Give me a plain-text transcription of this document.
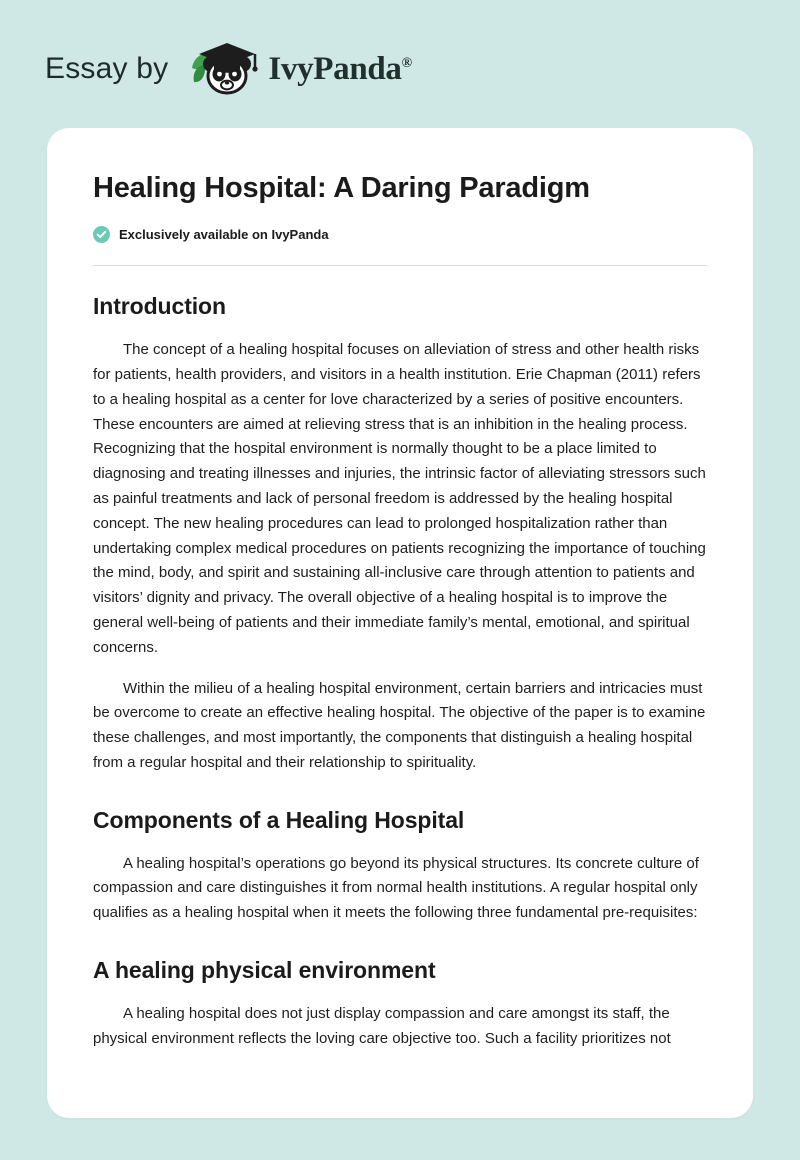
Essay by	IvyPanda®
Healing Hospital: A Daring Paradigm
Exclusively available on IvyPanda
Introduction

The concept of a healing hospital focuses on alleviation of stress and other health risks for patients, health providers, and visitors in a health institution. Erie Chapman (2011) refers to a healing hospital as a center for love characterized by a series of positive encounters. These encounters are aimed at relieving stress that is an inhibition in the healing process. Recognizing that the hospital environment is normally thought to be a place limited to diagnosing and treating illnesses and injuries, the intrinsic factor of alleviating stressors such as painful treatments and lack of personal freedom is addressed by the healing hospital concept. The new healing procedures can lead to prolonged hospitalization rather than undertaking complex medical procedures on patients recognizing the importance of touching the mind, body, and spirit and sustaining all-inclusive care through attention to patients and visitors’ dignity and privacy. The overall objective of a healing hospital is to improve the general well-being of patients and their immediate family’s mental, emotional, and spiritual concerns.

Within the milieu of a healing hospital environment, certain barriers and intricacies must be overcome to create an effective healing hospital. The objective of the paper is to examine these challenges, and most importantly, the components that distinguish a healing hospital from a regular hospital and their relationship to spirituality.

Components of a Healing Hospital

A healing hospital’s operations go beyond its physical structures. Its concrete culture of compassion and care distinguishes it from normal health institutions. A regular hospital only qualifies as a healing hospital when it meets the following three fundamental pre-requisites:

A healing physical environment

A healing hospital does not just display compassion and care amongst its staff, the physical environment reflects the loving care objective too. Such a facility prioritizes not
